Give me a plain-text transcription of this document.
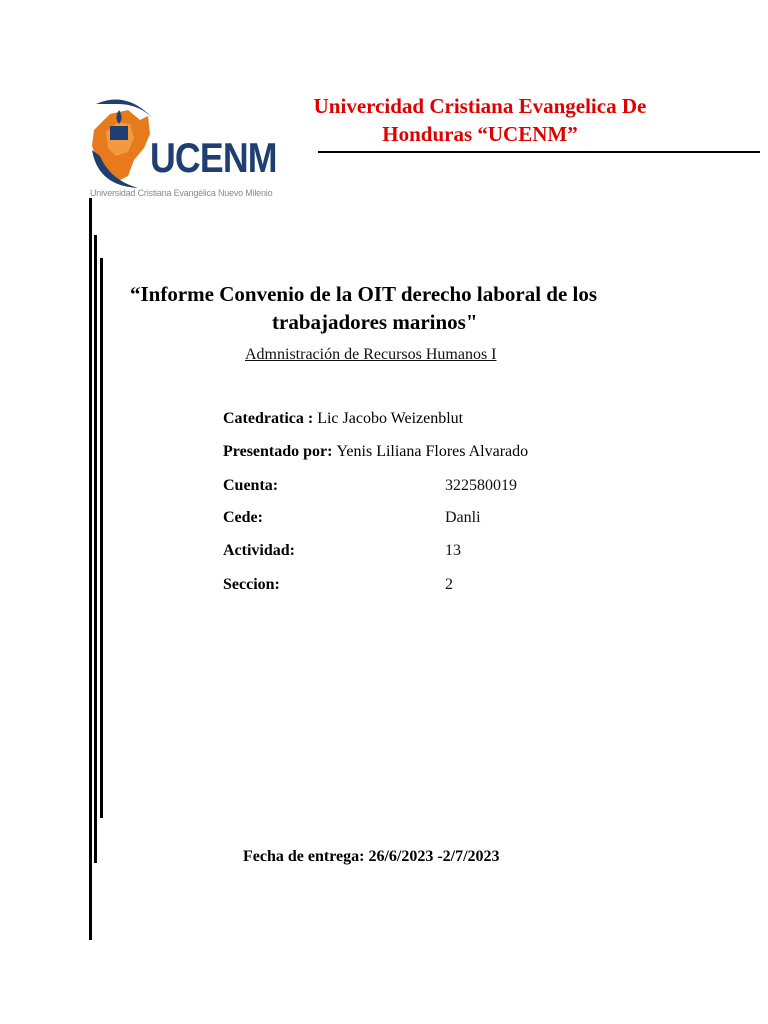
UCENM
Universidad Cristiana Evangélica Nuevo Milenio
Univercidad Cristiana Evangelica De
Honduras “UCENM”
“Informe Convenio de la OIT derecho laboral de los
trabajadores marinos"
Admnistración de Recursos Humanos I
Catedratica : Lic Jacobo Weizenblut
Presentado por: Yenis Liliana Flores Alvarado
Cuenta:	322580019
Cede:	Danli
Actividad:	13
Seccion:	2
Fecha de entrega: 26/6/2023 -2/7/2023
